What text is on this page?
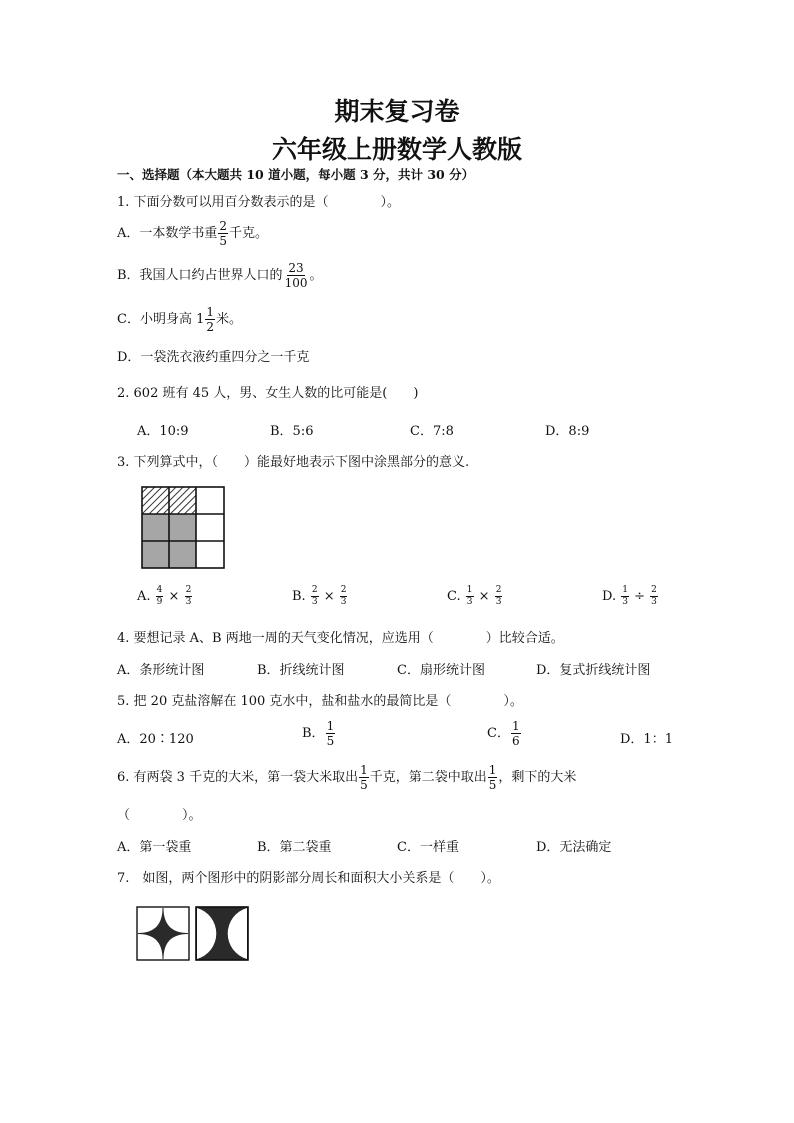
期末复习卷
六年级上册数学人教版
一、选择题（本大题共 10 道小题，每小题 3 分，共计 30 分）
1. 下面分数可以用百分数表示的是（　　　　）。
A．一本数学书重 $\frac{2}{5}$ 千克。
B．我国人口约占世界人口的 $\frac{23}{100}$ 。
C．小明身高 $1 \frac{1}{2}$ 米。
D．一袋洗衣液约重四分之一千克
2. 602 班有 45 人，男、女生人数的比可能是(　　)
A．10:9	B．5:6	C．7:8	D．8:9
3. 下列算式中，（　　）能最好地表示下图中涂黑部分的意义.
A. $\frac{4}{9} \times \frac{2}{3}$	B. $\frac{2}{3} \times \frac{2}{3}$	C. $\frac{1}{3} \times \frac{2}{3}$	D. $\frac{1}{3} \div \frac{2}{3}$
4. 要想记录 A、B 两地一周的天气变化情况，应选用（　　　　）比较合适。
A．条形统计图	B．折线统计图	C．扇形统计图	D．复式折线统计图
5. 把 20 克盐溶解在 100 克水中，盐和盐水的最简比是（　　　　）。
A．20∶120	B． $\frac{1}{5}$	C． $\frac{1}{6}$	D．1：1
6. 有两袋 3 千克的大米，第一袋大米取出 $\frac{1}{5}$ 千克，第二袋中取出 $\frac{1}{5}$ ，剩下的大米
（　　　　）。
A．第一袋重	B．第二袋重	C．一样重	D．无法确定
7.　如图，两个图形中的阴影部分周长和面积大小关系是（　　）。
